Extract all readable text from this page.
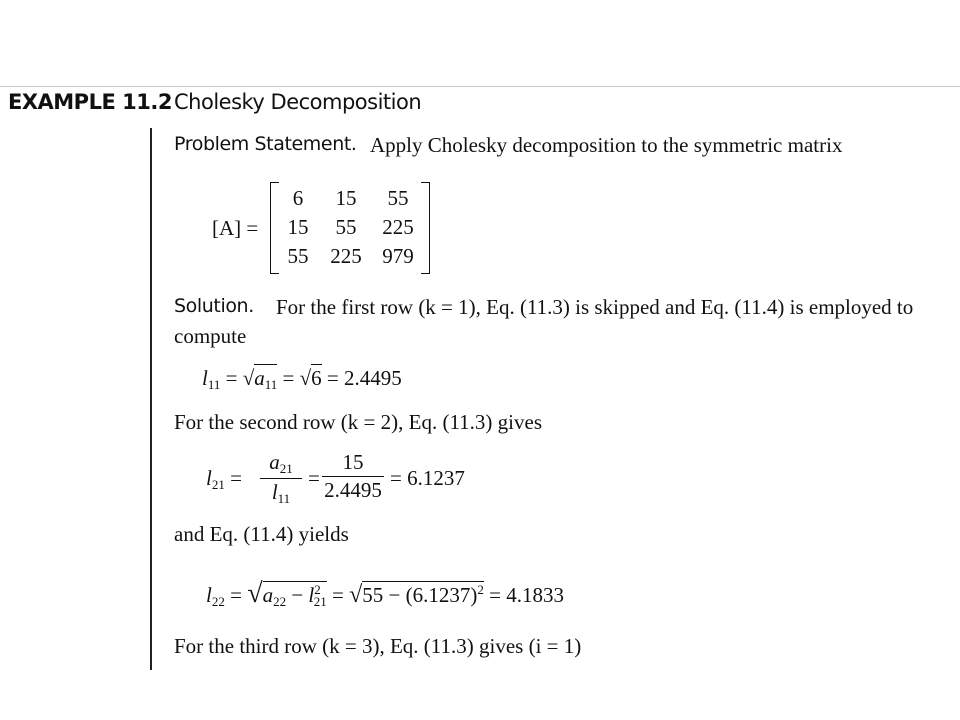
EXAMPLE 11.2 Cholesky Decomposition
Problem Statement. Apply Cholesky decomposition to the symmetric matrix
[A] =
6	15	55
15	55	225
55	225 979
Solution. For the first row (k = 1), Eq. (11.3) is skipped and Eq. (11.4) is employed to
compute
$l_{11} = √a_{11} = √6 = 2.4495$
For the second row (k = 2), Eq. (11.3) gives
$l_{21}$ =
$a_{21}$
$l_{11}$
=
15
2.4495
= 6.1237
and Eq. (11.4) yields
$l_{22} = √a_{22} - l^2_{21} = √55 - (6.1237)^2 = 4.1833$
For the third row (k = 3), Eq. (11.3) gives (i = 1)
